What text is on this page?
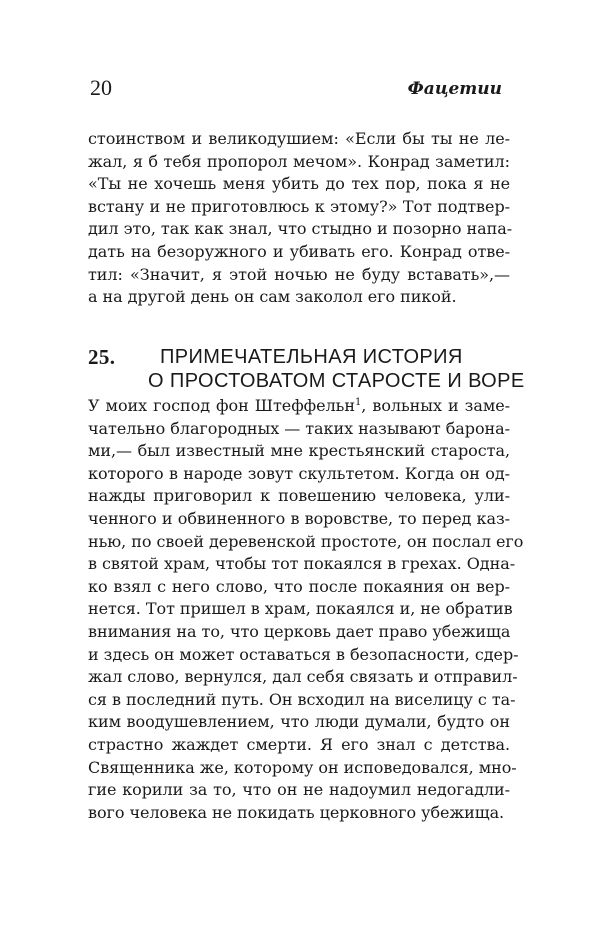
20	Фацетии
стоинством и великодушием: «Если бы ты не ле-
жал, я б тебя пропорол мечом». Конрад заметил:
«Ты не хочешь меня убить до тех пор, пока я не
встану и не приготовлюсь к этому?» Тот подтвер-
дил это, так как знал, что стыдно и позорно напа-
дать на безоружного и убивать его. Конрад отве-
тил: «Значит, я этой ночью не буду вставать»,—
а на другой день он сам заколол его пикой.
25. ПРИМЕЧАТЕЛЬНАЯ ИСТОРИЯ
О ПРОСТОВАТОМ СТАРОСТЕ И ВОРЕ
У моих господ фон Штеффельн$^1$, вольных и заме-
чательно благородных — таких называют барона-
ми,— был известный мне крестьянский староста,
которого в народе зовут скультетом. Когда он од-
нажды приговорил к повешению человека, ули-
ченного и обвиненного в воровстве, то перед каз-
нью, по своей деревенской простоте, он послал его
в святой храм, чтобы тот покаялся в грехах. Одна-
ко взял с него слово, что после покаяния он вер-
нется. Тот пришел в храм, покаялся и, не обратив
внимания на то, что церковь дает право убежища
и здесь он может оставаться в безопасности, сдер-
жал слово, вернулся, дал себя связать и отправил-
ся в последний путь. Он всходил на виселицу с та-
ким воодушевлением, что люди думали, будто он
страстно жаждет смерти. Я его знал с детства.
Священника же, которому он исповедовался, мно-
гие корили за то, что он не надоумил недогадли-
вого человека не покидать церковного убежища.
